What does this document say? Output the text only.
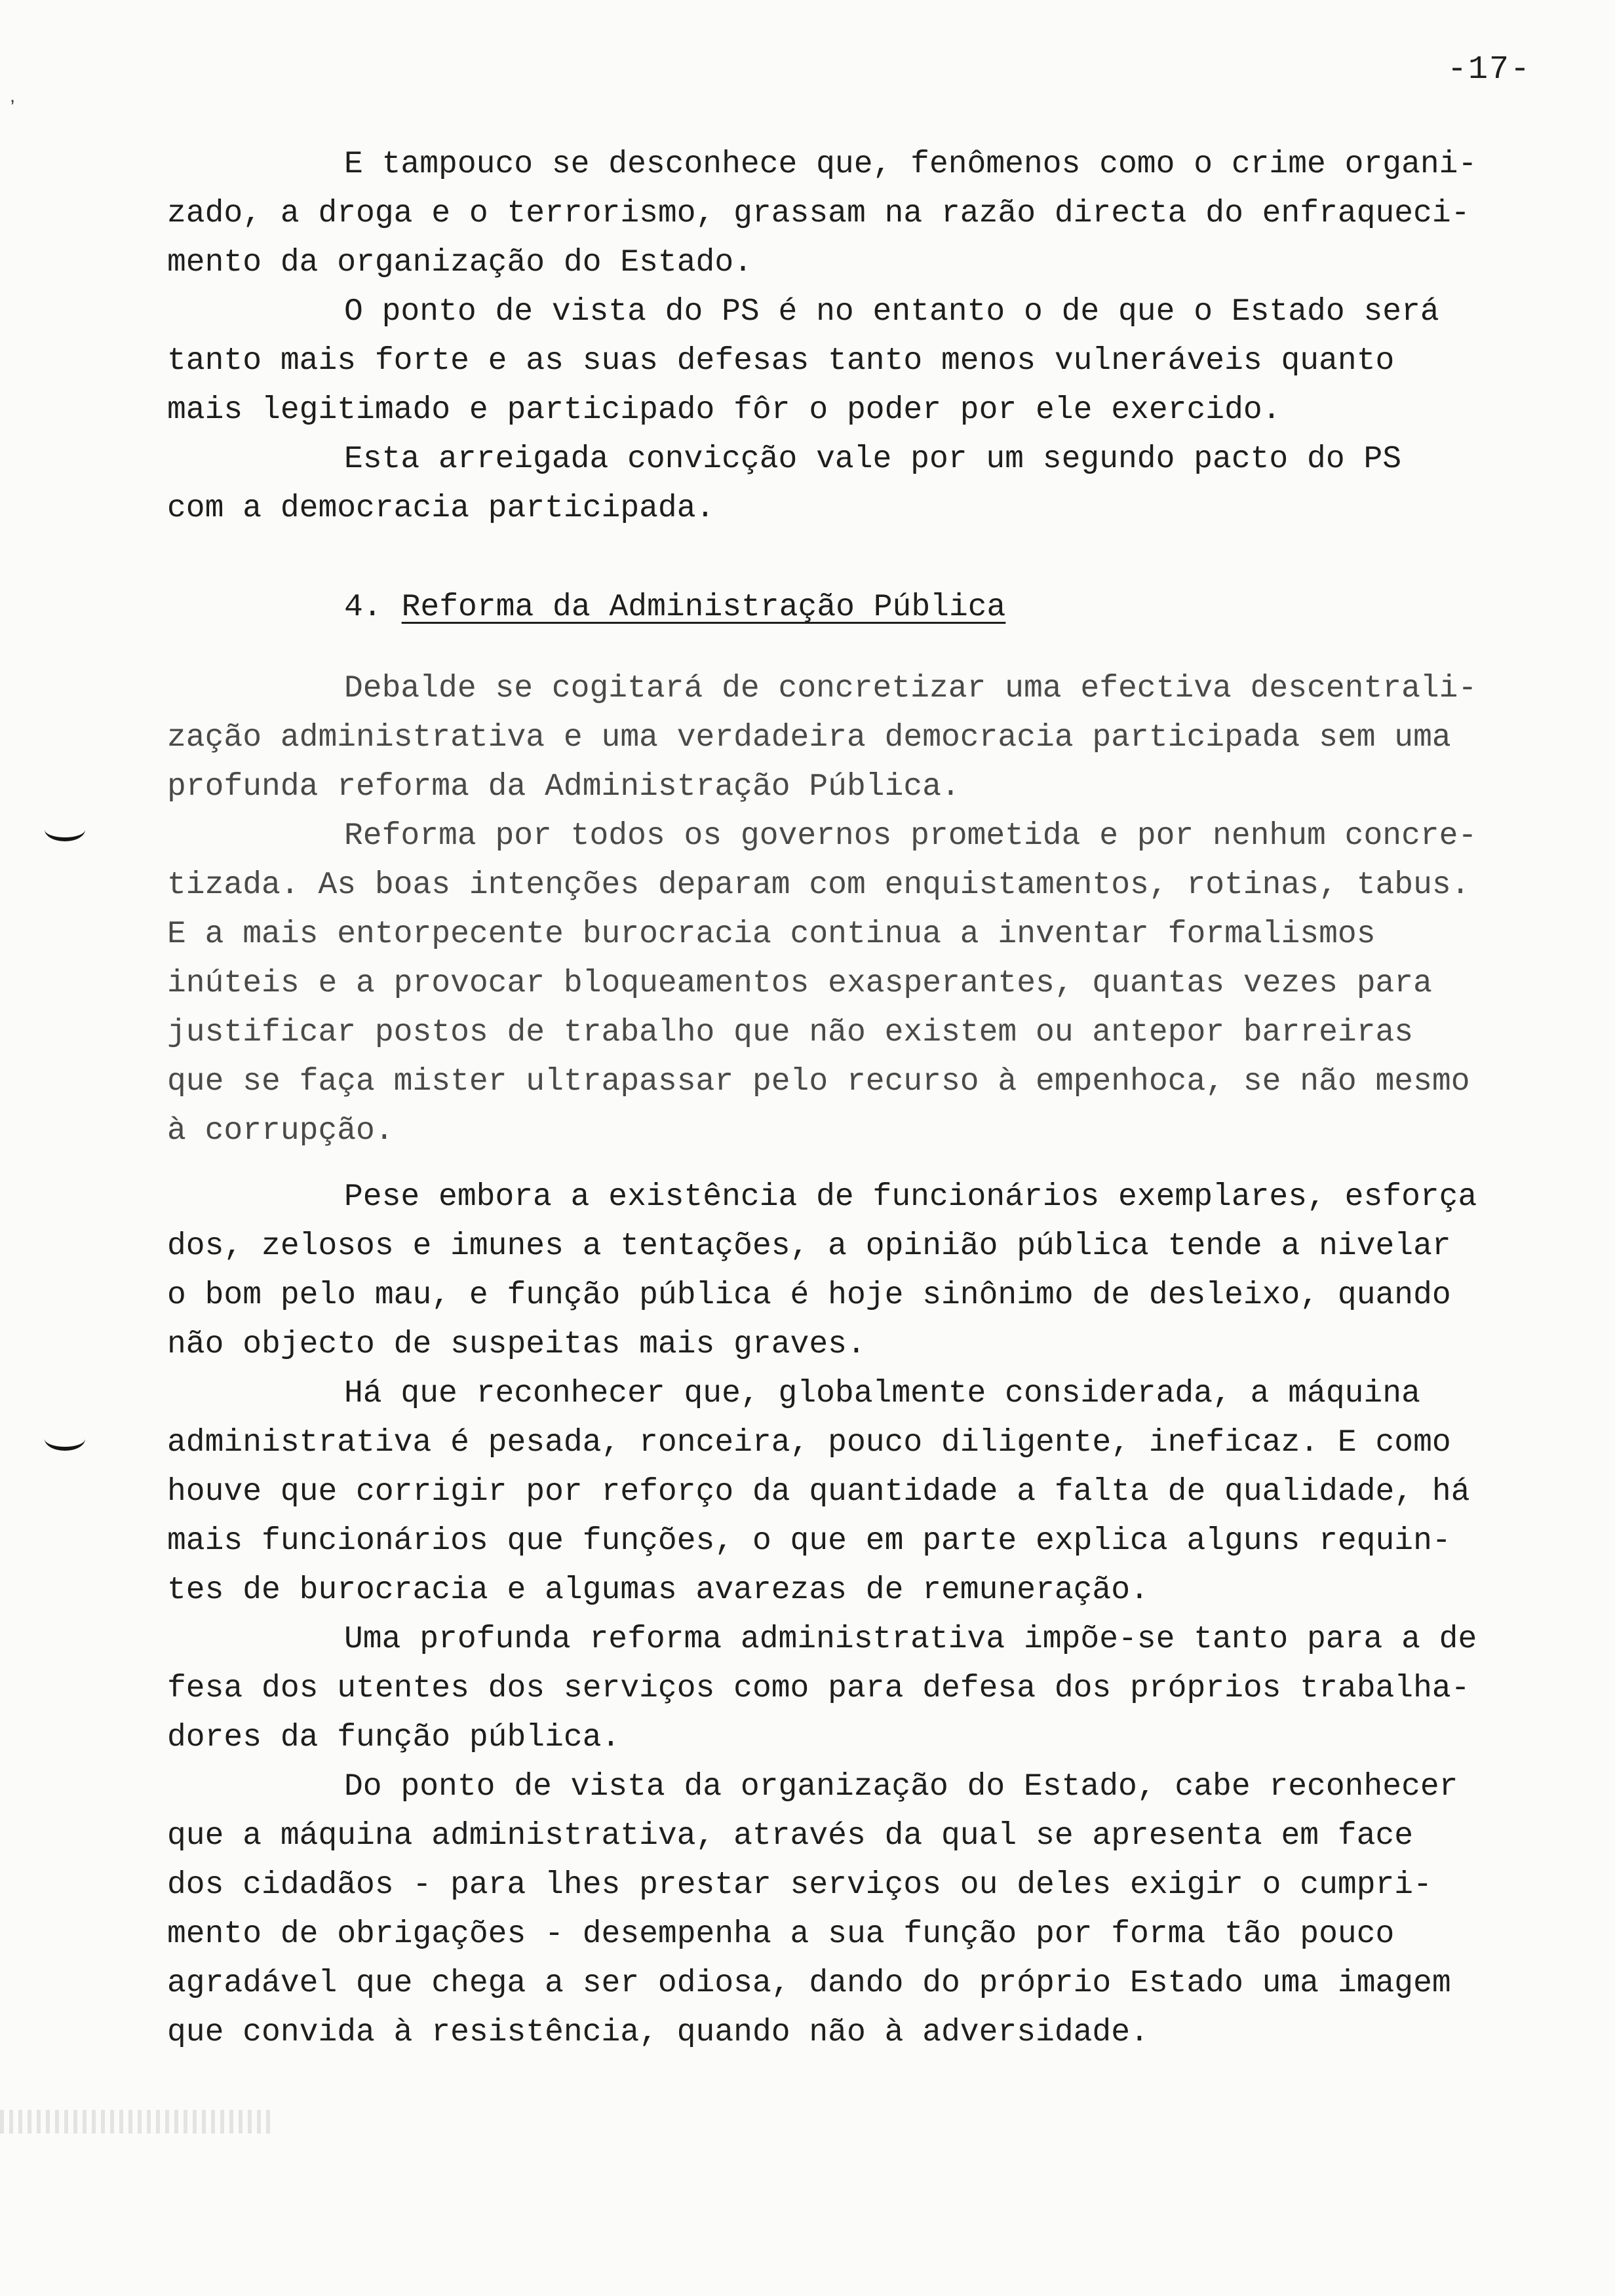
-17-
ʼ

E tampouco se desconhece que, fenômenos como o crime organi-

zado, a droga e o terrorismo, grassam na razão directa do enfraqueci-

mento da organização do Estado.

O ponto de vista do PS é no entanto o de que o Estado será

tanto mais forte e as suas defesas tanto menos vulneráveis quanto

mais legitimado e participado fôr o poder por ele exercido.

Esta arreigada convicção vale por um segundo pacto do PS

com a democracia participada.

4. Reforma da Administração Pública

Debalde se cogitará de concretizar uma efectiva descentrali-

zação administrativa e uma verdadeira democracia participada sem uma

profunda reforma da Administração Pública.

Reforma por todos os governos prometida e por nenhum concre-

tizada. As boas intenções deparam com enquistamentos, rotinas, tabus.

E a mais entorpecente burocracia continua a inventar formalismos

inúteis e a provocar bloqueamentos exasperantes, quantas vezes para

justificar postos de trabalho que não existem ou antepor barreiras

que se faça mister ultrapassar pelo recurso à empenhoca, se não mesmo

à corrupção.

Pese embora a existência de funcionários exemplares, esforça

dos, zelosos e imunes a tentações, a opinião pública tende a nivelar

o bom pelo mau, e função pública é hoje sinônimo de desleixo, quando

não objecto de suspeitas mais graves.

Há que reconhecer que, globalmente considerada, a máquina

administrativa é pesada, ronceira, pouco diligente, ineficaz. E como

houve que corrigir por reforço da quantidade a falta de qualidade, há

mais funcionários que funções, o que em parte explica alguns requin-

tes de burocracia e algumas avarezas de remuneração.

Uma profunda reforma administrativa impõe-se tanto para a de

fesa dos utentes dos serviços como para defesa dos próprios trabalha-

dores da função pública.

Do ponto de vista da organização do Estado, cabe reconhecer

que a máquina administrativa, através da qual se apresenta em face

dos cidadãos - para lhes prestar serviços ou deles exigir o cumpri-

mento de obrigações - desempenha a sua função por forma tão pouco

agradável que chega a ser odiosa, dando do próprio Estado uma imagem

que convida à resistência, quando não à adversidade.
